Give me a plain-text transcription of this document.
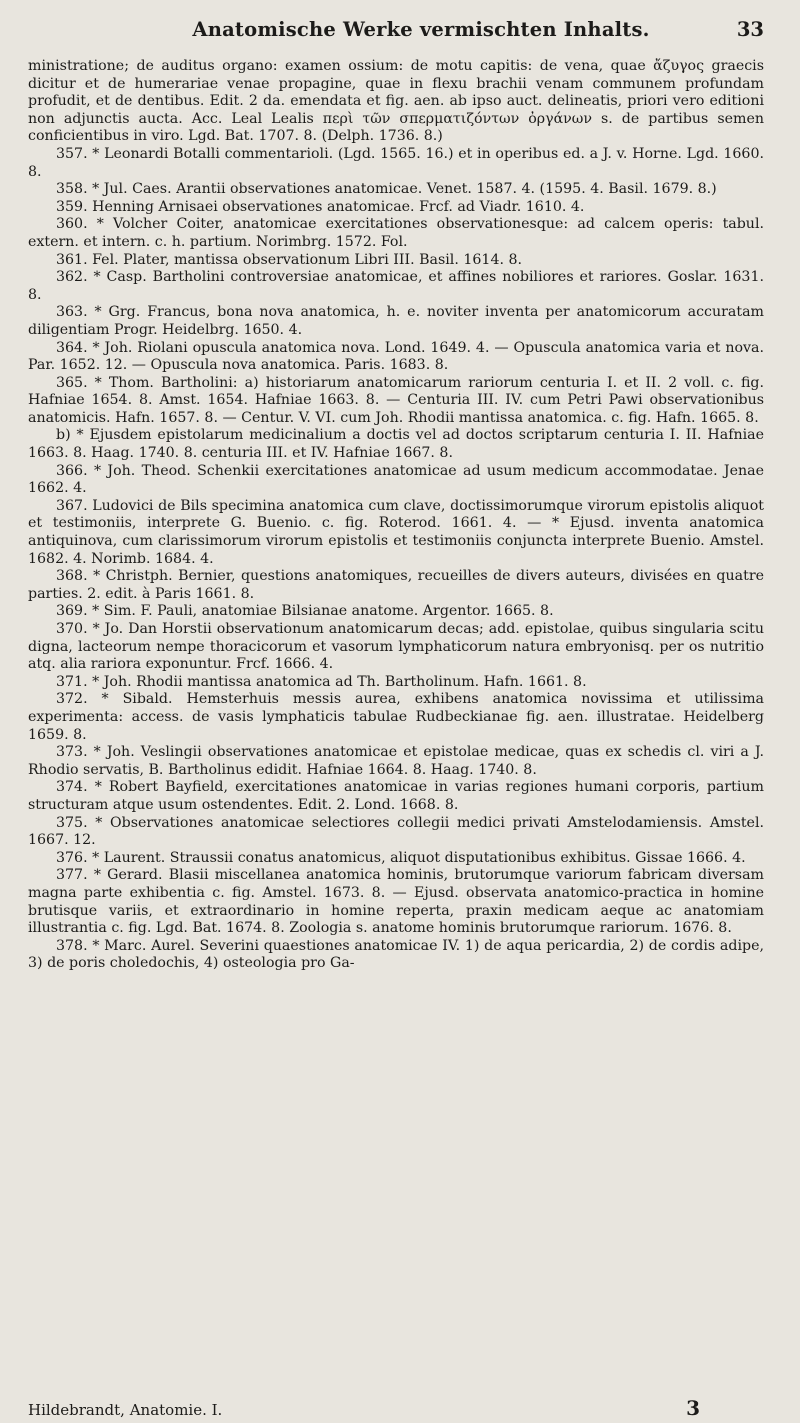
Anatomische Werke vermischten Inhalts.	33

ministratione; de auditus organo: examen ossium: de motu capitis: de vena, quae ἄζυγος graecis dicitur et de humerariae venae propagine, quae in flexu brachii venam communem profundam profudit, et de dentibus. Edit. 2 da. emendata et fig. aen. ab ipso auct. delineatis, priori vero editioni non adjunctis aucta. Acc. Leal Lealis περὶ τῶν σπερματιζόντων ὀργάνων s. de partibus semen conficientibus in viro. Lgd. Bat. 1707. 8. (Delph. 1736. 8.)

357. * Leonardi Botalli commentarioli. (Lgd. 1565. 16.) et in operibus ed. a J. v. Horne. Lgd. 1660. 8.

358. * Jul. Caes. Arantii observationes anatomicae. Venet. 1587. 4. (1595. 4. Basil. 1679. 8.)

359. Henning Arnisaei observationes anatomicae. Frcf. ad Viadr. 1610. 4.

360. * Volcher Coiter, anatomicae exercitationes observationesque: ad calcem operis: tabul. extern. et intern. c. h. partium. Norimbrg. 1572. Fol.

361. Fel. Plater, mantissa observationum Libri III. Basil. 1614. 8.

362. * Casp. Bartholini controversiae anatomicae, et affines nobiliores et rariores. Goslar. 1631. 8.

363. * Grg. Francus, bona nova anatomica, h. e. noviter inventa per anatomicorum accuratam diligentiam Progr. Heidelbrg. 1650. 4.

364. * Joh. Riolani opuscula anatomica nova. Lond. 1649. 4. — Opuscula anatomica varia et nova. Par. 1652. 12. — Opuscula nova anatomica. Paris. 1683. 8.

365. * Thom. Bartholini: a) historiarum anatomicarum rariorum centuria I. et II. 2 voll. c. fig. Hafniae 1654. 8. Amst. 1654. Hafniae 1663. 8. — Centuria III. IV. cum Petri Pawi observationibus anatomicis. Hafn. 1657. 8. — Centur. V. VI. cum Joh. Rhodii mantissa anatomica. c. fig. Hafn. 1665. 8.

b) * Ejusdem epistolarum medicinalium a doctis vel ad doctos scriptarum centuria I. II. Hafniae 1663. 8. Haag. 1740. 8. centuria III. et IV. Hafniae 1667. 8.

366. * Joh. Theod. Schenkii exercitationes anatomicae ad usum medicum accommodatae. Jenae 1662. 4.

367. Ludovici de Bils specimina anatomica cum clave, doctissimorumque virorum epistolis aliquot et testimoniis, interprete G. Buenio. c. fig. Roterod. 1661. 4. — * Ejusd. inventa anatomica antiquinova, cum clarissimorum virorum epistolis et testimoniis conjuncta interprete Buenio. Amstel. 1682. 4. Norimb. 1684. 4.

368. * Christph. Bernier, questions anatomiques, recueilles de divers auteurs, divisées en quatre parties. 2. edit. à Paris 1661. 8.

369. * Sim. F. Pauli, anatomiae Bilsianae anatome. Argentor. 1665. 8.

370. * Jo. Dan Horstii observationum anatomicarum decas; add. epistolae, quibus singularia scitu digna, lacteorum nempe thoracicorum et vasorum lymphaticorum natura embryonisq. per os nutritio atq. alia rariora exponuntur. Frcf. 1666. 4.

371. * Joh. Rhodii mantissa anatomica ad Th. Bartholinum. Hafn. 1661. 8.

372. * Sibald. Hemsterhuis messis aurea, exhibens anatomica novissima et utilissima experimenta: access. de vasis lymphaticis tabulae Rudbeckianae fig. aen. illustratae. Heidelberg 1659. 8.

373. * Joh. Veslingii observationes anatomicae et epistolae medicae, quas ex schedis cl. viri a J. Rhodio servatis, B. Bartholinus edidit. Hafniae 1664. 8. Haag. 1740. 8.

374. * Robert Bayfield, exercitationes anatomicae in varias regiones humani corporis, partium structuram atque usum ostendentes. Edit. 2. Lond. 1668. 8.

375. * Observationes anatomicae selectiores collegii medici privati Amstelodamiensis. Amstel. 1667. 12.

376. * Laurent. Straussii conatus anatomicus, aliquot disputationibus exhibitus. Gissae 1666. 4.

377. * Gerard. Blasii miscellanea anatomica hominis, brutorumque variorum fabricam diversam magna parte exhibentia c. fig. Amstel. 1673. 8. — Ejusd. observata anatomico-practica in homine brutisque variis, et extraordinario in homine reperta, praxin medicam aeque ac anatomiam illustrantia c. fig. Lgd. Bat. 1674. 8. Zoologia s. anatome hominis brutorumque rariorum. 1676. 8.

378. * Marc. Aurel. Severini quaestiones anatomicae IV. 1) de aqua pericardia, 2) de cordis adipe, 3) de poris choledochis, 4) osteologia pro Ga-

Hildebrandt, Anatomie. I.	3
